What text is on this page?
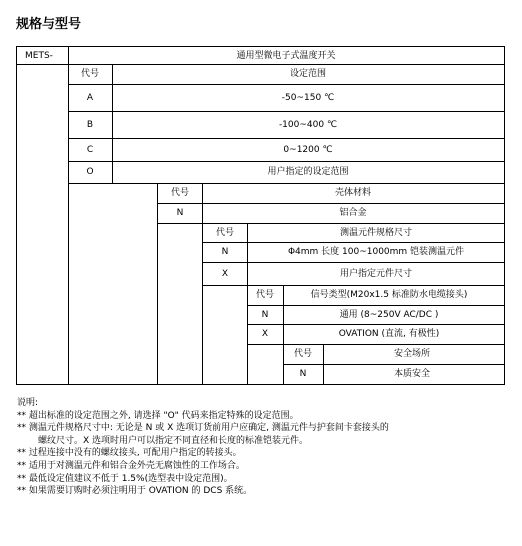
规格与型号
METS-	通用型微电子式温度开关
代号	设定范围
A	-50~150 ℃
B	-100~400 ℃
C	0~1200 ℃
O	用户指定的设定范围
代号	壳体材料
N	铝合金
代号	测温元件规格尺寸
N	Φ4mm 长度 100~1000mm 铠装测温元件
X	用户指定元件尺寸
代号	信号类型(M20x1.5 标准防水电缆接头)
N	通用 (8~250V AC/DC )
X	OVATION (直流, 有极性)
代号	安全场所
N	本质安全
说明:
** 超出标准的设定范围之外, 请选择 "O" 代码来指定特殊的设定范围。
** 测温元件规格尺寸中: 无论是 N 或 X 选项订货前用户应确定, 测温元件与护套间卡套接头的
螺纹尺寸。X 选项时用户可以指定不同直径和长度的标准铠装元件。
** 过程连接中没有的螺纹接头, 可配用户指定的转接头。
** 适用于对测温元件和铝合金外壳无腐蚀性的工作场合。
** 最低设定值建议不低于 1.5%(选型表中设定范围)。
** 如果需要订购时必须注明用于 OVATION 的 DCS 系统。
